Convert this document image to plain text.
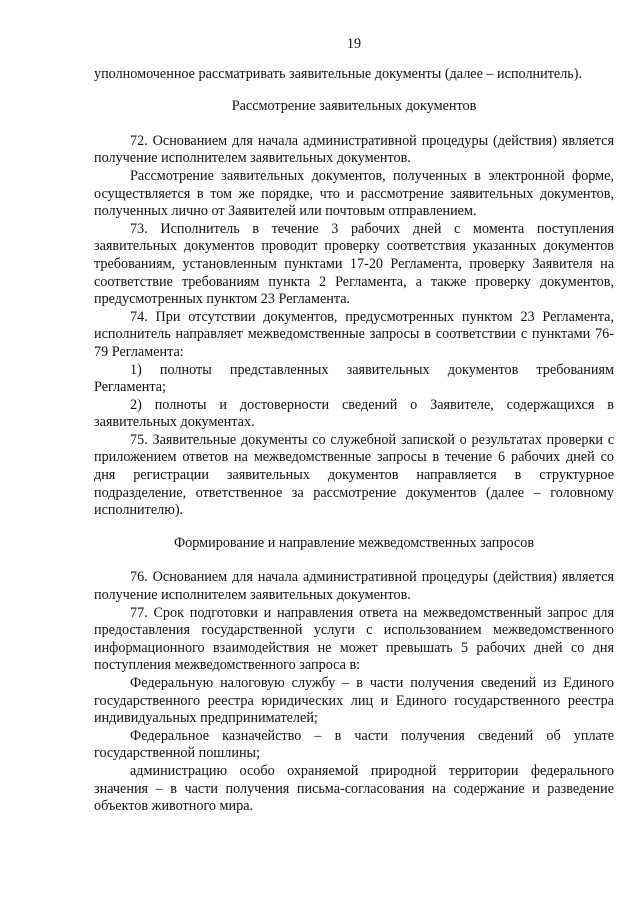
19

уполномоченное рассматривать заявительные документы (далее – исполнитель).

Рассмотрение заявительных документов

72. Основанием для начала административной процедуры (действия) является получение исполнителем заявительных документов.

Рассмотрение заявительных документов, полученных в электронной форме, осуществляется в том же порядке, что и рассмотрение заявительных документов, полученных лично от Заявителей или почтовым отправлением.

73. Исполнитель в течение 3 рабочих дней с момента поступления заявительных документов проводит проверку соответствия указанных документов требованиям, установленным пунктами 17-20 Регламента, проверку Заявителя на соответствие требованиям пункта 2 Регламента, а также проверку документов, предусмотренных пунктом 23 Регламента.

74. При отсутствии документов, предусмотренных пунктом 23 Регламента, исполнитель направляет межведомственные запросы в соответствии с пунктами 76-79 Регламента:

1) полноты представленных заявительных документов требованиям Регламента;

2) полноты и достоверности сведений о Заявителе, содержащихся в заявительных документах.

75. Заявительные документы со служебной запиской о результатах проверки с приложением ответов на межведомственные запросы в течение 6 рабочих дней со дня регистрации заявительных документов направляется в структурное подразделение, ответственное за рассмотрение документов (далее – головному исполнителю).

Формирование и направление межведомственных запросов

76. Основанием для начала административной процедуры (действия) является получение исполнителем заявительных документов.

77. Срок подготовки и направления ответа на межведомственный запрос для предоставления государственной услуги с использованием межведомственного информационного взаимодействия не может превышать 5 рабочих дней со дня поступления межведомственного запроса в:

Федеральную налоговую службу – в части получения сведений из Единого государственного реестра юридических лиц и Единого государственного реестра индивидуальных предпринимателей;

Федеральное казначейство – в части получения сведений об уплате государственной пошлины;

администрацию особо охраняемой природной территории федерального значения – в части получения письма-согласования на содержание и разведение объектов животного мира.
